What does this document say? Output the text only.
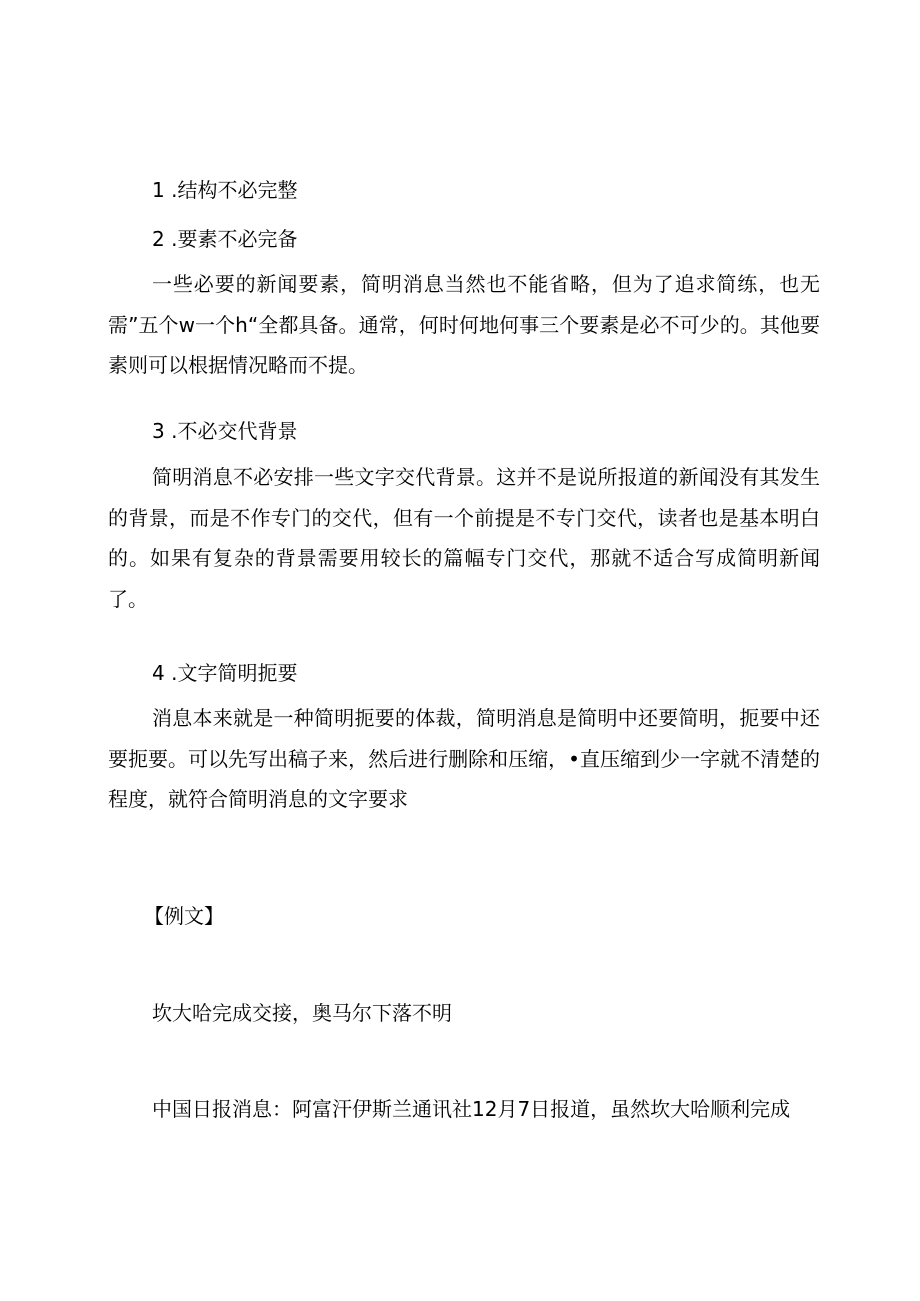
1 .结构不必完整

2 .要素不必完备

一些必要的新闻要素，简明消息当然也不能省略，但为了追求简练，也无需”五个w一个h“全都具备。通常，何时何地何事三个要素是必不可少的。其他要素则可以根据情况略而不提。

3 .不必交代背景

简明消息不必安排一些文字交代背景。这并不是说所报道的新闻没有其发生的背景，而是不作专门的交代，但有一个前提是不专门交代，读者也是基本明白的。如果有复杂的背景需要用较长的篇幅专门交代，那就不适合写成简明新闻了。

4 .文字简明扼要

消息本来就是一种简明扼要的体裁，简明消息是简明中还要简明，扼要中还要扼要。可以先写出稿子来，然后进行删除和压缩，•直压缩到少一字就不清楚的程度，就符合简明消息的文字要求

【例文】

坎大哈完成交接，奥马尔下落不明

中国日报消息：阿富汗伊斯兰通讯社12月7日报道，虽然坎大哈顺利完成
